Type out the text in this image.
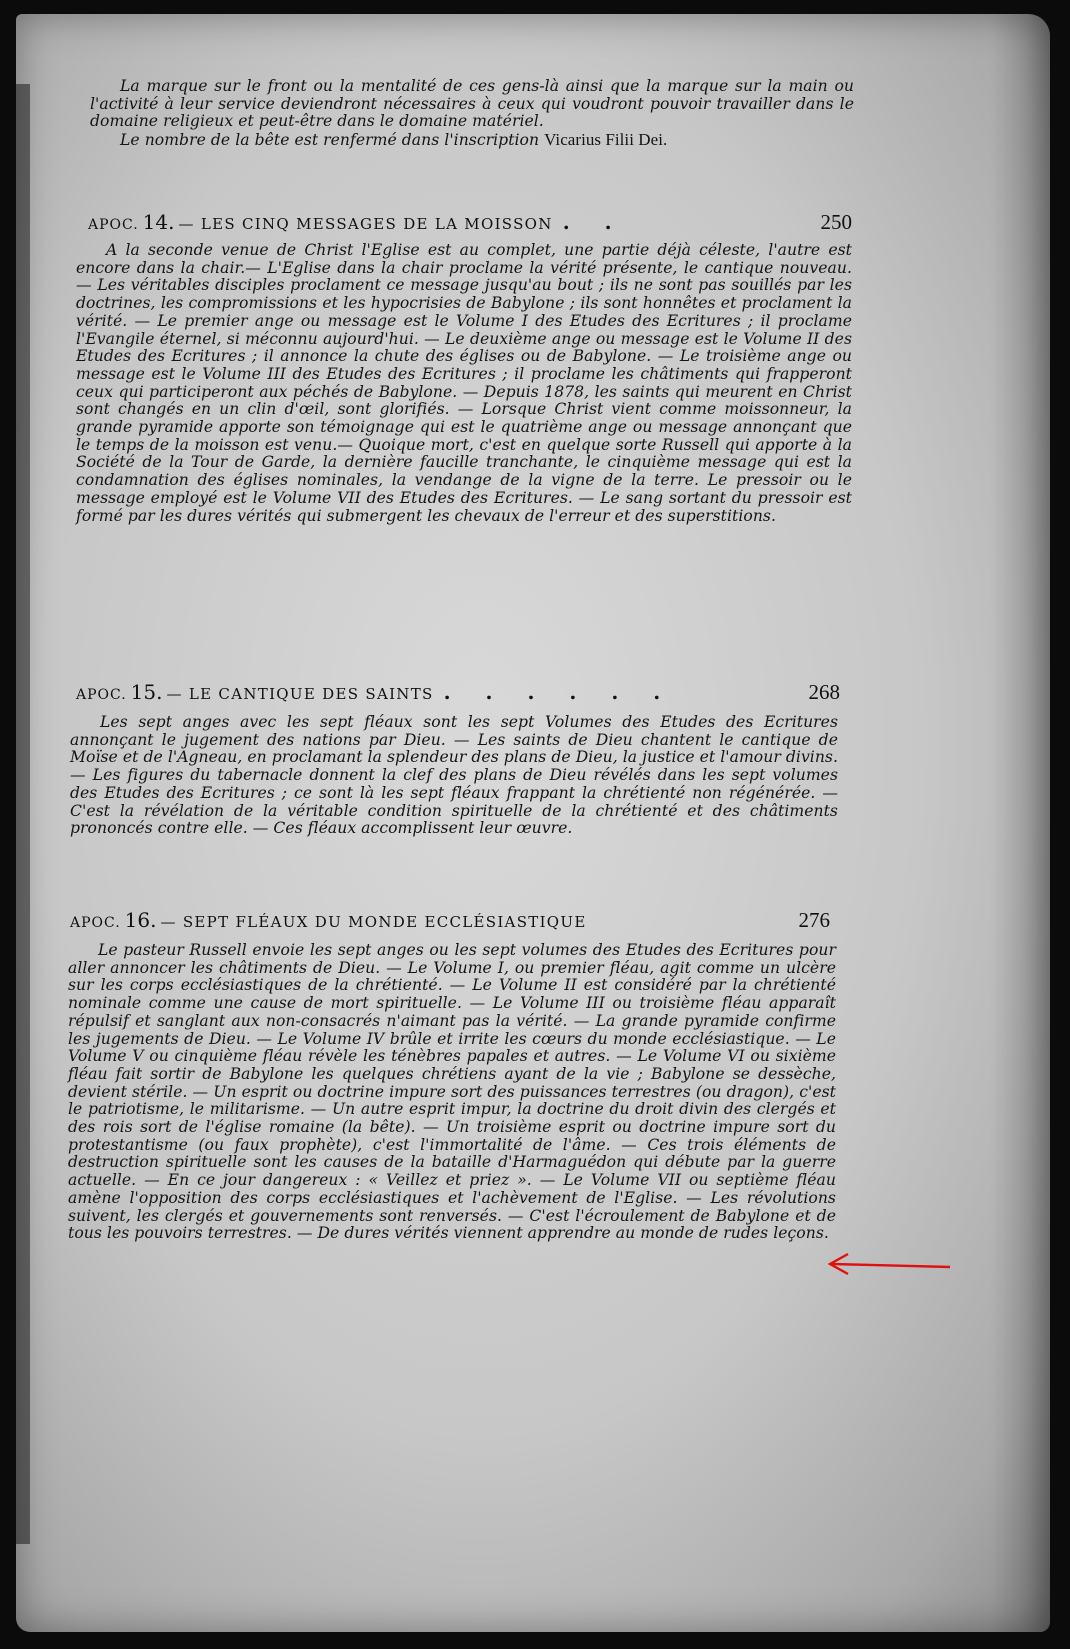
La marque sur le front ou la mentalité de ces gens-là ainsi que la marque sur la main ou l'activité à leur service deviendront nécessaires à ceux qui voudront pouvoir travailler dans le domaine religieux et peut-être dans le domaine matériel.

Le nombre de la bête est renfermé dans l'inscription Vicarius Filii Dei.

APOC. 14. — LES CINQ MESSAGES DE LA MOISSON . .	250

A la seconde venue de Christ l'Eglise est au complet, une partie déjà céleste, l'autre est encore dans la chair.— L'Eglise dans la chair proclame la vérité présente, le cantique nouveau. — Les véritables disciples proclament ce message jusqu'au bout ; ils ne sont pas souillés par les doctrines, les compromissions et les hypocrisies de Babylone ; ils sont honnêtes et proclament la vérité. — Le premier ange ou message est le Volume I des Etudes des Ecritures ; il proclame l'Evangile éternel, si méconnu aujourd'hui. — Le deuxième ange ou message est le Volume II des Etudes des Ecritures ; il annonce la chute des églises ou de Babylone. — Le troisième ange ou message est le Volume III des Etudes des Ecritures ; il proclame les châtiments qui frapperont ceux qui participeront aux péchés de Babylone. — Depuis 1878, les saints qui meurent en Christ sont changés en un clin d'œil, sont glorifiés. — Lorsque Christ vient comme moissonneur, la grande pyramide apporte son témoignage qui est le quatrième ange ou message annonçant que le temps de la moisson est venu.— Quoique mort, c'est en quelque sorte Russell qui apporte à la Société de la Tour de Garde, la dernière faucille tranchante, le cinquième message qui est la condamnation des églises nominales, la vendange de la vigne de la terre. Le pressoir ou le message employé est le Volume VII des Etudes des Ecritures. — Le sang sortant du pressoir est formé par les dures vérités qui submergent les chevaux de l'erreur et des superstitions.

APOC. 15. — LE CANTIQUE DES SAINTS . . . . . .	268

Les sept anges avec les sept fléaux sont les sept Volumes des Etudes des Ecritures annonçant le jugement des nations par Dieu. — Les saints de Dieu chantent le cantique de Moïse et de l'Agneau, en proclamant la splendeur des plans de Dieu, la justice et l'amour divins. — Les figures du tabernacle donnent la clef des plans de Dieu révélés dans les sept volumes des Etudes des Ecritures ; ce sont là les sept fléaux frappant la chrétienté non régénérée. — C'est la révélation de la véritable condition spirituelle de la chrétienté et des châtiments prononcés contre elle. — Ces fléaux accomplissent leur œuvre.

APOC. 16. — SEPT FLÉAUX DU MONDE ECCLÉSIASTIQUE	276

Le pasteur Russell envoie les sept anges ou les sept volumes des Etudes des Ecritures pour aller annoncer les châtiments de Dieu. — Le Volume I, ou premier fléau, agit comme un ulcère sur les corps ecclésiastiques de la chrétienté. — Le Volume II est considéré par la chrétienté nominale comme une cause de mort spirituelle. — Le Volume III ou troisième fléau apparaît répulsif et sanglant aux non-consacrés n'aimant pas la vérité. — La grande pyramide confirme les jugements de Dieu. — Le Volume IV brûle et irrite les cœurs du monde ecclésiastique. — Le Volume V ou cinquième fléau révèle les ténèbres papales et autres. — Le Volume VI ou sixième fléau fait sortir de Babylone les quelques chrétiens ayant de la vie ; Babylone se dessèche, devient stérile. — Un esprit ou doctrine impure sort des puissances terrestres (ou dragon), c'est le patriotisme, le militarisme. — Un autre esprit impur, la doctrine du droit divin des clergés et des rois sort de l'église romaine (la bête). — Un troisième esprit ou doctrine impure sort du protestantisme (ou faux prophète), c'est l'immortalité de l'âme. — Ces trois éléments de destruction spirituelle sont les causes de la bataille d'Harmaguédon qui débute par la guerre actuelle. — En ce jour dangereux : « Veillez et priez ». — Le Volume VII ou septième fléau amène l'opposition des corps ecclésiastiques et l'achèvement de l'Eglise. — Les révolutions suivent, les clergés et gouvernements sont renversés. — C'est l'écroulement de Babylone et de tous les pouvoirs terrestres. — De dures vérités viennent apprendre au monde de rudes leçons.
